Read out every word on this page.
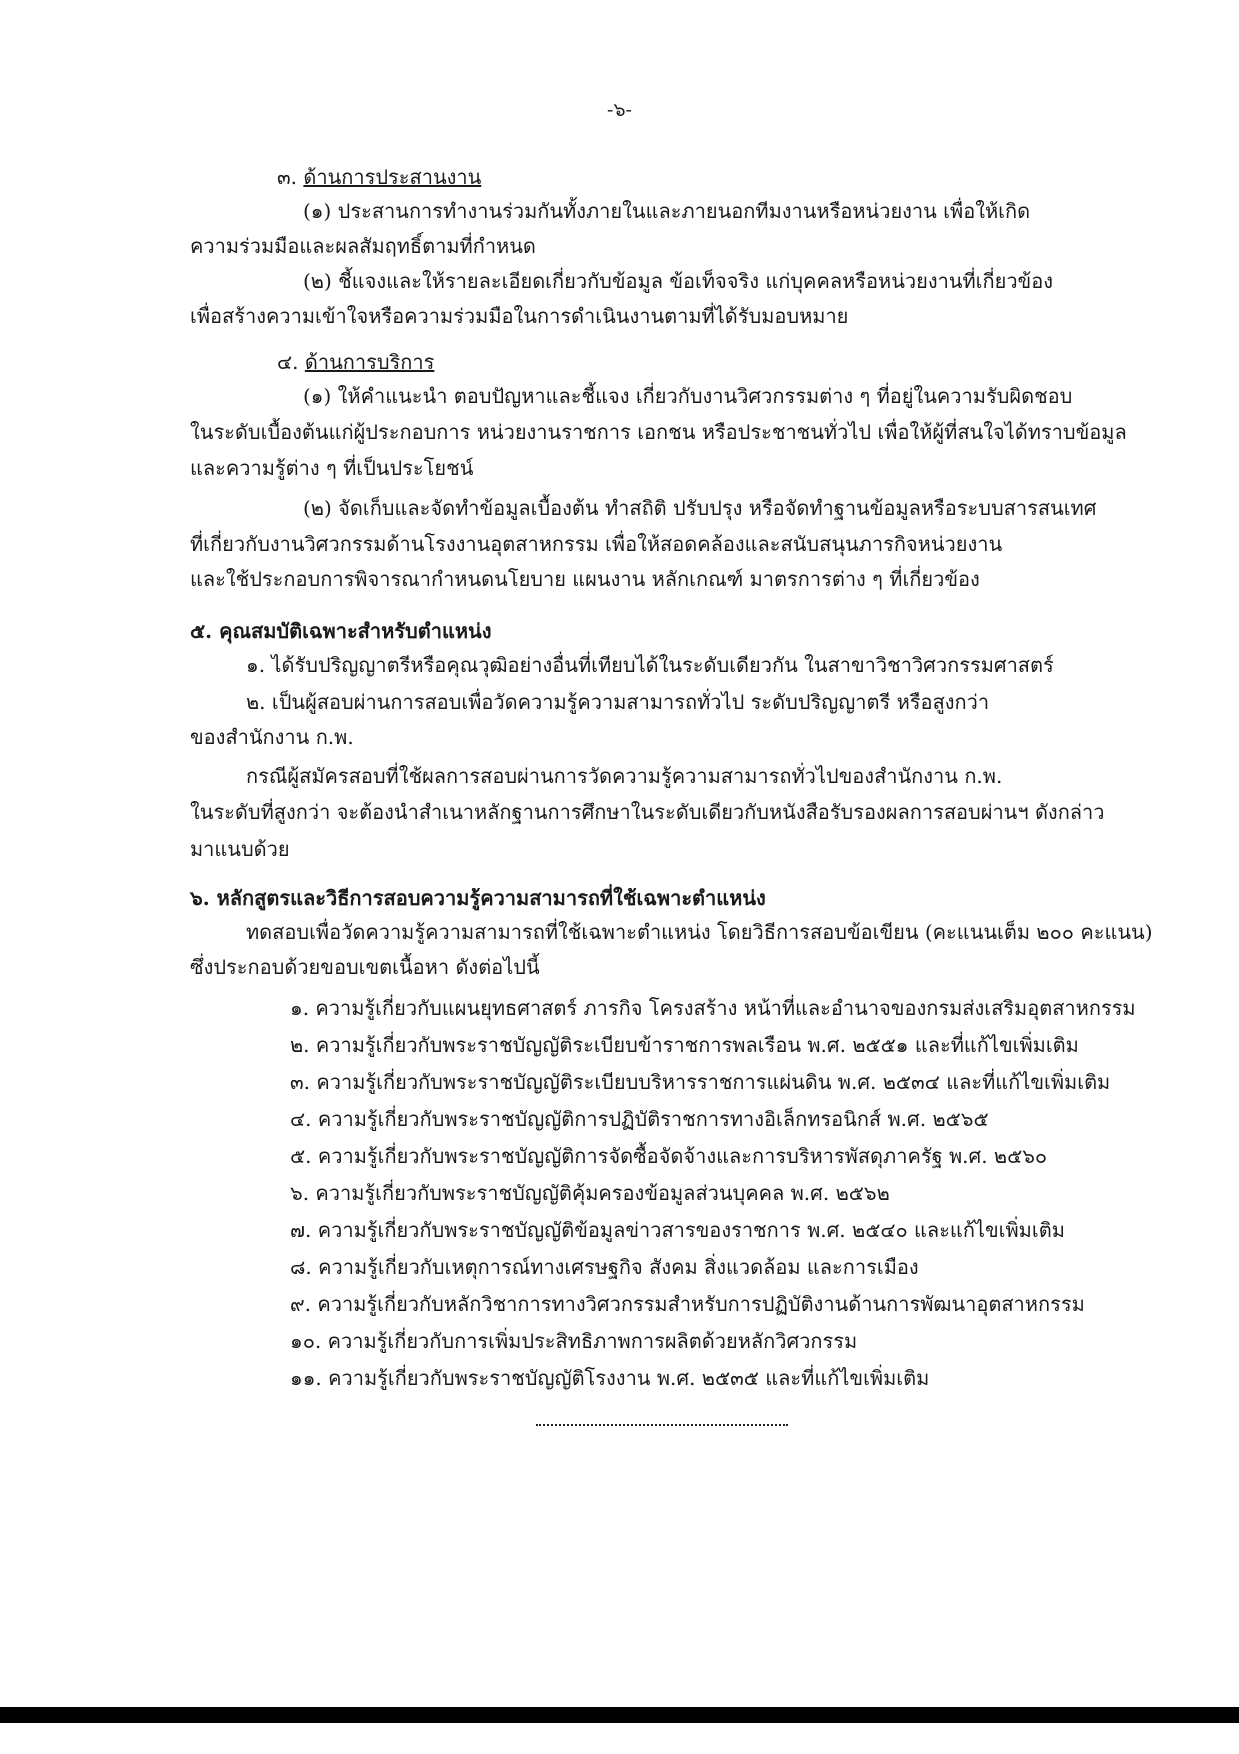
-๖-
๓. ด้านการประสานงาน
(๑) ประสานการทำงานร่วมกันทั้งภายในและภายนอกทีมงานหรือหน่วยงาน เพื่อให้เกิด
ความร่วมมือและผลสัมฤทธิ์ตามที่กำหนด
(๒) ชี้แจงและให้รายละเอียดเกี่ยวกับข้อมูล ข้อเท็จจริง แก่บุคคลหรือหน่วยงานที่เกี่ยวข้อง
เพื่อสร้างความเข้าใจหรือความร่วมมือในการดำเนินงานตามที่ได้รับมอบหมาย
๔. ด้านการบริการ
(๑) ให้คำแนะนำ ตอบปัญหาและชี้แจง เกี่ยวกับงานวิศวกรรมต่าง ๆ ที่อยู่ในความรับผิดชอบ
ในระดับเบื้องต้นแก่ผู้ประกอบการ หน่วยงานราชการ เอกชน หรือประชาชนทั่วไป เพื่อให้ผู้ที่สนใจได้ทราบข้อมูล
และความรู้ต่าง ๆ ที่เป็นประโยชน์
(๒) จัดเก็บและจัดทำข้อมูลเบื้องต้น ทำสถิติ ปรับปรุง หรือจัดทำฐานข้อมูลหรือระบบสารสนเทศ
ที่เกี่ยวกับงานวิศวกรรมด้านโรงงานอุตสาหกรรม เพื่อให้สอดคล้องและสนับสนุนภารกิจหน่วยงาน
และใช้ประกอบการพิจารณากำหนดนโยบาย แผนงาน หลักเกณฑ์ มาตรการต่าง ๆ ที่เกี่ยวข้อง
๕. คุณสมบัติเฉพาะสำหรับตำแหน่ง
๑. ได้รับปริญญาตรีหรือคุณวุฒิอย่างอื่นที่เทียบได้ในระดับเดียวกัน ในสาขาวิชาวิศวกรรมศาสตร์
๒. เป็นผู้สอบผ่านการสอบเพื่อวัดความรู้ความสามารถทั่วไป ระดับปริญญาตรี หรือสูงกว่า
ของสำนักงาน ก.พ.
กรณีผู้สมัครสอบที่ใช้ผลการสอบผ่านการวัดความรู้ความสามารถทั่วไปของสำนักงาน ก.พ.
ในระดับที่สูงกว่า จะต้องนำสำเนาหลักฐานการศึกษาในระดับเดียวกับหนังสือรับรองผลการสอบผ่านฯ ดังกล่าว
มาแนบด้วย
๖. หลักสูตรและวิธีการสอบความรู้ความสามารถที่ใช้เฉพาะตำแหน่ง
ทดสอบเพื่อวัดความรู้ความสามารถที่ใช้เฉพาะตำแหน่ง โดยวิธีการสอบข้อเขียน (คะแนนเต็ม ๒๐๐ คะแนน)
ซึ่งประกอบด้วยขอบเขตเนื้อหา ดังต่อไปนี้
๑. ความรู้เกี่ยวกับแผนยุทธศาสตร์ ภารกิจ โครงสร้าง หน้าที่และอำนาจของกรมส่งเสริมอุตสาหกรรม
๒. ความรู้เกี่ยวกับพระราชบัญญัติระเบียบข้าราชการพลเรือน พ.ศ. ๒๕๕๑ และที่แก้ไขเพิ่มเติม
๓. ความรู้เกี่ยวกับพระราชบัญญัติระเบียบบริหารราชการแผ่นดิน พ.ศ. ๒๕๓๔ และที่แก้ไขเพิ่มเติม
๔. ความรู้เกี่ยวกับพระราชบัญญัติการปฏิบัติราชการทางอิเล็กทรอนิกส์ พ.ศ. ๒๕๖๕
๕. ความรู้เกี่ยวกับพระราชบัญญัติการจัดซื้อจัดจ้างและการบริหารพัสดุภาครัฐ พ.ศ. ๒๕๖๐
๖. ความรู้เกี่ยวกับพระราชบัญญัติคุ้มครองข้อมูลส่วนบุคคล พ.ศ. ๒๕๖๒
๗. ความรู้เกี่ยวกับพระราชบัญญัติข้อมูลข่าวสารของราชการ พ.ศ. ๒๕๔๐ และแก้ไขเพิ่มเติม
๘. ความรู้เกี่ยวกับเหตุการณ์ทางเศรษฐกิจ สังคม สิ่งแวดล้อม และการเมือง
๙. ความรู้เกี่ยวกับหลักวิชาการทางวิศวกรรมสำหรับการปฏิบัติงานด้านการพัฒนาอุตสาหกรรม
๑๐. ความรู้เกี่ยวกับการเพิ่มประสิทธิภาพการผลิตด้วยหลักวิศวกรรม
๑๑. ความรู้เกี่ยวกับพระราชบัญญัติโรงงาน พ.ศ. ๒๕๓๕ และที่แก้ไขเพิ่มเติม
